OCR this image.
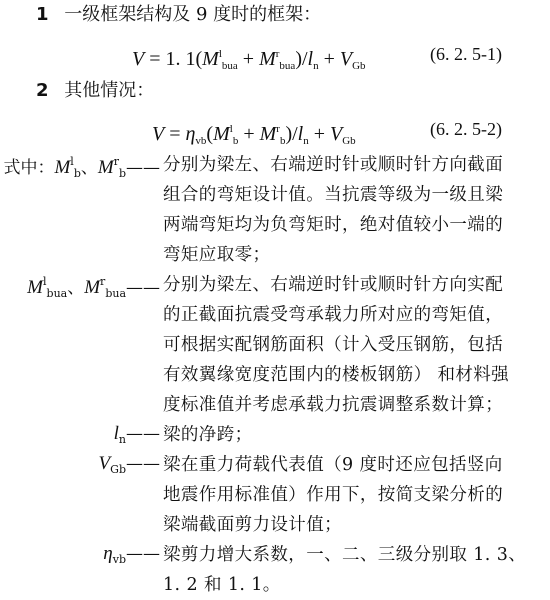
1 一级框架结构及 9 度时的框架：
V = 1. $1(M^l_{bua} + M^r_{bua})/l_n + V_{Gb}$
(6. 2. 5-1)
2 其他情况：
$V = \eta_{vb}(M^l_b + M^r_b)/l_n + V_{Gb}$
(6. 2. 5-2)
式中：$M^l_b$、$M^r_b——$
$M^l_{bua}$、$M^r_{bua}——$
$l_n——$
$V_{Gb}——$
$\eta_{vb}——$
分别为梁左、右端逆时针或顺时针方向截面
组合的弯矩设计值。当抗震等级为一级且梁
两端弯矩均为负弯矩时，绝对值较小一端的
弯矩应取零；
分别为梁左、右端逆时针或顺时针方向实配
的正截面抗震受弯承载力所对应的弯矩值，
可根据实配钢筋面积（计入受压钢筋，包括
有效翼缘宽度范围内的楼板钢筋） 和材料强
度标准值并考虑承载力抗震调整系数计算；
梁的净跨；
梁在重力荷载代表值（9 度时还应包括竖向
地震作用标准值）作用下，按简支梁分析的
梁端截面剪力设计值；
梁剪力增大系数，一、二、三级分别取 1. 3、
1. 2 和 1. 1。
